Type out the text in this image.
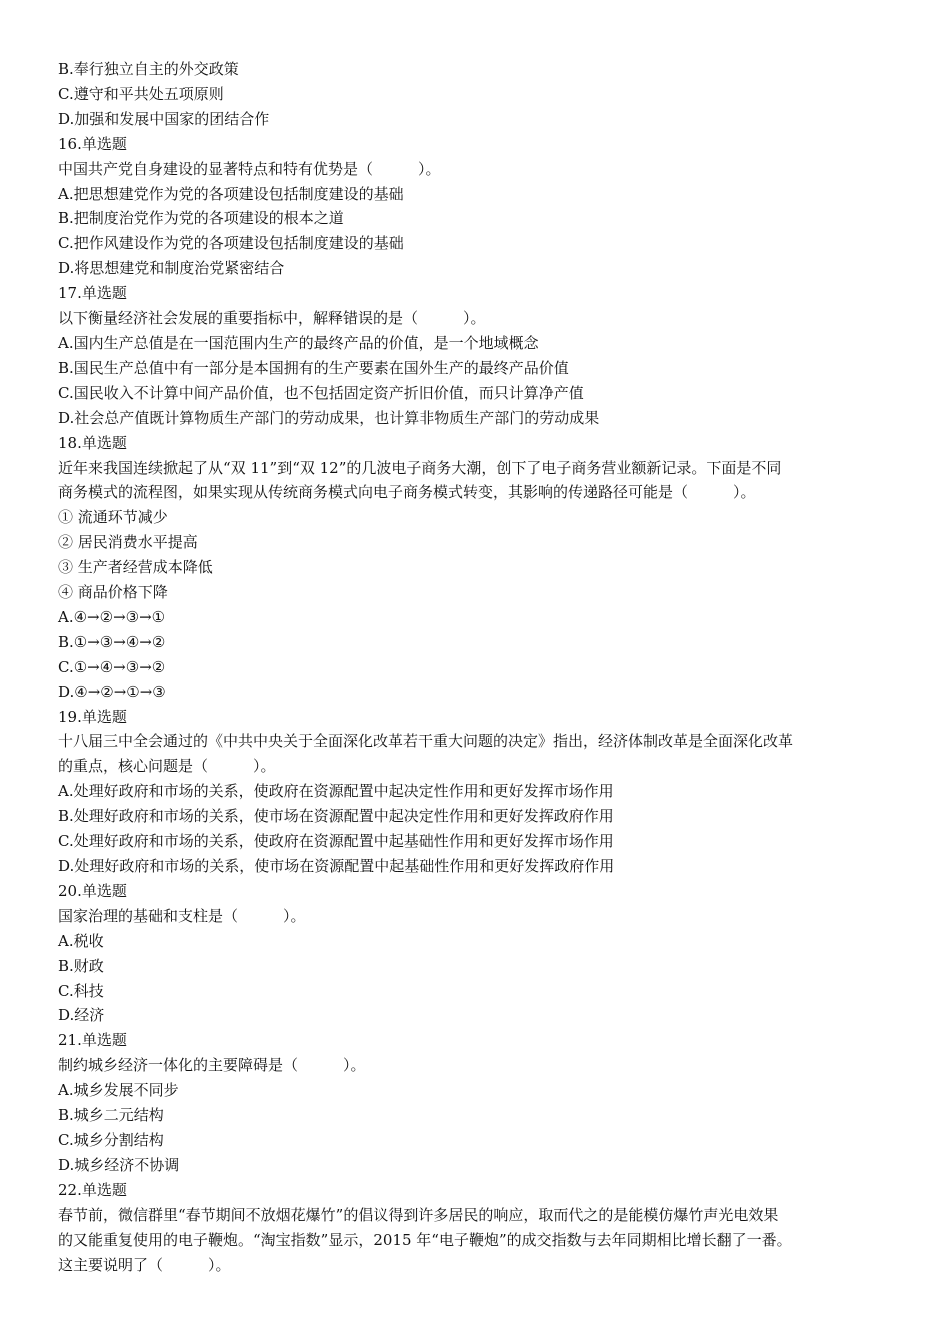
B.奉行独立自主的外交政策

C.遵守和平共处五项原则

D.加强和发展中国家的团结合作

16.单选题

中国共产党自身建设的显著特点和特有优势是（　　　）。

A.把思想建党作为党的各项建设包括制度建设的基础

B.把制度治党作为党的各项建设的根本之道

C.把作风建设作为党的各项建设包括制度建设的基础

D.将思想建党和制度治党紧密结合

17.单选题

以下衡量经济社会发展的重要指标中，解释错误的是（　　　）。

A.国内生产总值是在一国范围内生产的最终产品的价值，是一个地域概念

B.国民生产总值中有一部分是本国拥有的生产要素在国外生产的最终产品价值

C.国民收入不计算中间产品价值，也不包括固定资产折旧价值，而只计算净产值

D.社会总产值既计算物质生产部门的劳动成果，也计算非物质生产部门的劳动成果

18.单选题

近年来我国连续掀起了从“双 11”到“双 12”的几波电子商务大潮，创下了电子商务营业额新记录。下面是不同

商务模式的流程图，如果实现从传统商务模式向电子商务模式转变，其影响的传递路径可能是（　　　）。

① 流通环节减少

② 居民消费水平提高

③ 生产者经营成本降低

④ 商品价格下降

A.④→②→③→①

B.①→③→④→②

C.①→④→③→②

D.④→②→①→③

19.单选题

十八届三中全会通过的《中共中央关于全面深化改革若干重大问题的决定》指出，经济体制改革是全面深化改革

的重点，核心问题是（　　　）。

A.处理好政府和市场的关系，使政府在资源配置中起决定性作用和更好发挥市场作用

B.处理好政府和市场的关系，使市场在资源配置中起决定性作用和更好发挥政府作用

C.处理好政府和市场的关系，使政府在资源配置中起基础性作用和更好发挥市场作用

D.处理好政府和市场的关系，使市场在资源配置中起基础性作用和更好发挥政府作用

20.单选题

国家治理的基础和支柱是（　　　）。

A.税收

B.财政

C.科技

D.经济

21.单选题

制约城乡经济一体化的主要障碍是（　　　）。

A.城乡发展不同步

B.城乡二元结构

C.城乡分割结构

D.城乡经济不协调

22.单选题

春节前，微信群里“春节期间不放烟花爆竹”的倡议得到许多居民的响应，取而代之的是能模仿爆竹声光电效果

的又能重复使用的电子鞭炮。“淘宝指数”显示，2015 年“电子鞭炮”的成交指数与去年同期相比增长翻了一番。

这主要说明了（　　　）。
